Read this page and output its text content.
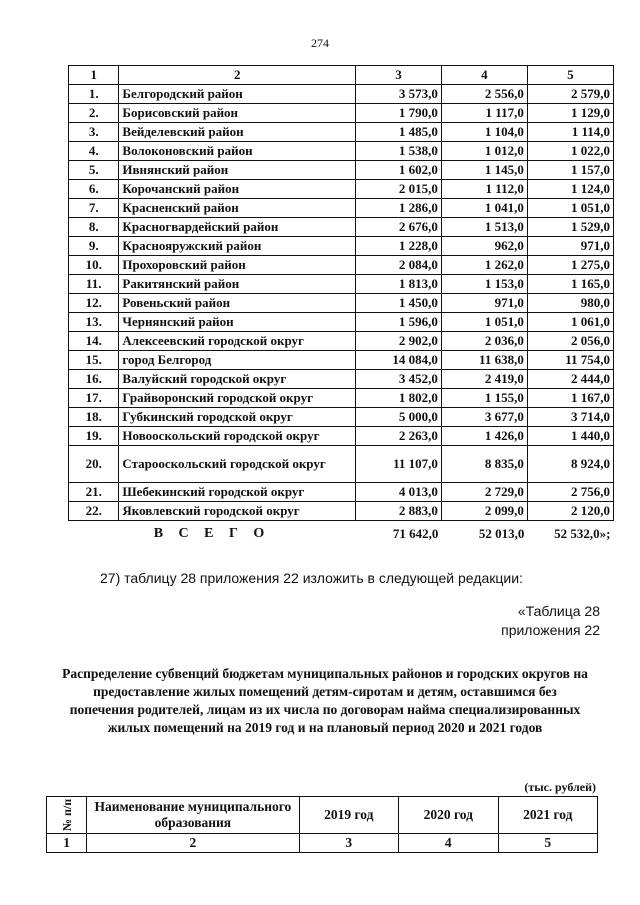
274
1	2	3	4	5
1.	Белгородский район	3 573,0	2 556,0	2 579,0
2.	Борисовский район	1 790,0	1 117,0	1 129,0
3.	Вейделевский район	1 485,0	1 104,0	1 114,0
4.	Волоконовский район	1 538,0	1 012,0	1 022,0
5.	Ивнянский район	1 602,0	1 145,0	1 157,0
6.	Корочанский район	2 015,0	1 112,0	1 124,0
7.	Красненский район	1 286,0	1 041,0	1 051,0
8.	Красногвардейский район	2 676,0	1 513,0	1 529,0
9.	Краснояружский район	1 228,0	962,0	971,0
10.	Прохоровский район	2 084,0	1 262,0	1 275,0
11.	Ракитянский район	1 813,0	1 153,0	1 165,0
12.	Ровеньский район	1 450,0	971,0	980,0
13.	Чернянский район	1 596,0	1 051,0	1 061,0
14.	Алексеевский городской округ	2 902,0	2 036,0	2 056,0
15.	город Белгород	14 084,0	11 638,0	11 754,0
16.	Валуйский городской округ	3 452,0	2 419,0	2 444,0
17.	Грайворонский городской округ	1 802,0	1 155,0	1 167,0
18.	Губкинский городской округ	5 000,0	3 677,0	3 714,0
19.	Новооскольский городской округ	2 263,0	1 426,0	1 440,0
20.	Старооскольский городской округ	11 107,0	8 835,0	8 924,0
21.	Шебекинский городской округ	4 013,0	2 729,0	2 756,0
22.	Яковлевский городской округ	2 883,0	2 099,0	2 120,0
В С Е Г О		71 642,0	52 013,0	52 532,0»;
27) таблицу 28 приложения 22 изложить в следующей редакции:
«Таблица 28
приложения 22
Распределение субвенций бюджетам муниципальных районов и городских округов на предоставление жилых помещений детям-сиротам и детям, оставшимся без попечения родителей, лицам из их числа по договорам найма специализированных жилых помещений на 2019 год и на плановый период 2020 и 2021 годов
(тыс. рублей)
№ п/п	Наименование муниципального образования	2019 год	2020 год	2021 год
1	2	3	4	5
